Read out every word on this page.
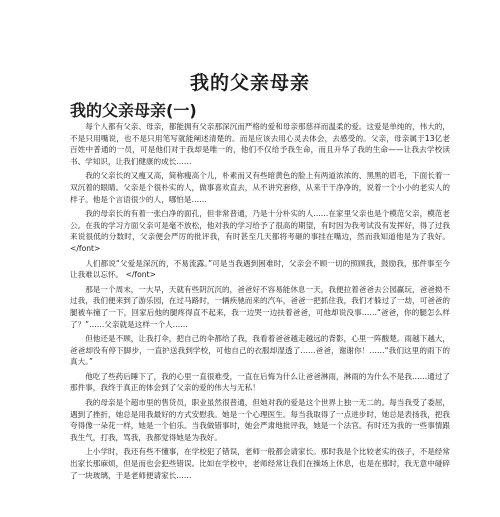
我的父亲母亲
我的父亲母亲(一)

每个人都有父亲、母亲，都能拥有父亲那深沉而严格的爱和母亲那慈祥而温柔的爱。这爱是单纯的，伟大的，不是只用嘴说，也不是只用笔写就能阐述清楚的。而是应该去用心灵去体会，去感受的。父亲，母亲属于13亿老百姓中普通的一员，可是他们对于我却是唯一的，他们不仅给予我生命，而且升华了我的生命——让我去学校读书、学知识，让我们健康的成长……

我的父亲长的又瘦又高，简称瘦高个儿，朴素而又有些暗黄色的脸上有两道浓浓的、黑黑的眉毛，下面长着一双沉着的眼睛。父亲是个很朴实的人，做事喜欢直去，从不讲究套修，从来干干净净的，说着一个小小的老实人的样子。他是个言语很少的人，哪怕是……

我的母亲长的有着一张白净的面孔，但非常普通，乃是十分朴实的人……在家里父亲也是个模范父亲，模范老公。在我的学习方面父亲可是毫不放松，他对我的学习给予了很高的期望，有时因为我考试没有发挥好，得了过我来说很低的分数时，父亲便会严厉的批评我，有时甚至几天都将考砸的事挂在嘴边，然而我知道他是为了我好。 </font>

人们都说“父爱是深沉的，不易流露。”可是当我遇到困难时，父亲会不顾一切的照顾我，鼓励我，那件事至今让我难以忘怀。 </font>

那是一个周末，一大早，天就有些阴沉沉的，爸爸好不容易能休息一天，我便拉着爸爸去公园赢玩，爸爸拗不过我，我们便来到了游乐园，在过马路时，一辆疾驰而来的汽车，爸爸一把抓住我，我们才躲过了一劫，可爸爸的腿被车撞了一下，回家后他的腿疼得直不起来，我一边哭一边扶着爸爸，可他却说没事……“爸爸，你的腿怎么样了？”……父亲就是这样一个人……

但他还是不顾，让我打伞，把自己的伞都给了我，我看着爸爸越走越远的背影，心里一阵酸楚。雨越下越大，爸爸却没有停下脚步，一直护送我到学校，可他自己的衣服却湿透了……爸爸，谢谢你！……“我们这里的雨下的真大。”

他吃了些药后睡下了，我的心里一直很难受，一直在后悔为什么让爸爸淋雨，淋雨的为什么不是我……通过了那件事，我终于真正的体会到了父亲的爱的伟大与无私！

我的母亲是个超市里的售货员，职业虽然很普通，但她对我的爱是这个世界上独一无二的。每当我受了委屈，遇到了挫折，她总是用我最好的方式安慰我。她是一个心理医生。每当我取得了一点进步时，她总是表扬我，把我夸得像一朵花一样，她是一个伯乐。当我做错事时，她会严肃地批评我，她是一个法官。有时还为我的一些事情跟我生气，打我，骂我，我都觉得她是为我好。

上小学时，我还有些不懂事，在学校犯了错误，老师一般都会请家长。那时我是个比较老实的孩子，不是经常出家长那麻烦，但是而也会犯些错误。比如在学校中，老师经常让我们在操场上休息，也是在那时，我无意中碰碎了一块玻璃，于是老师便请家长……
